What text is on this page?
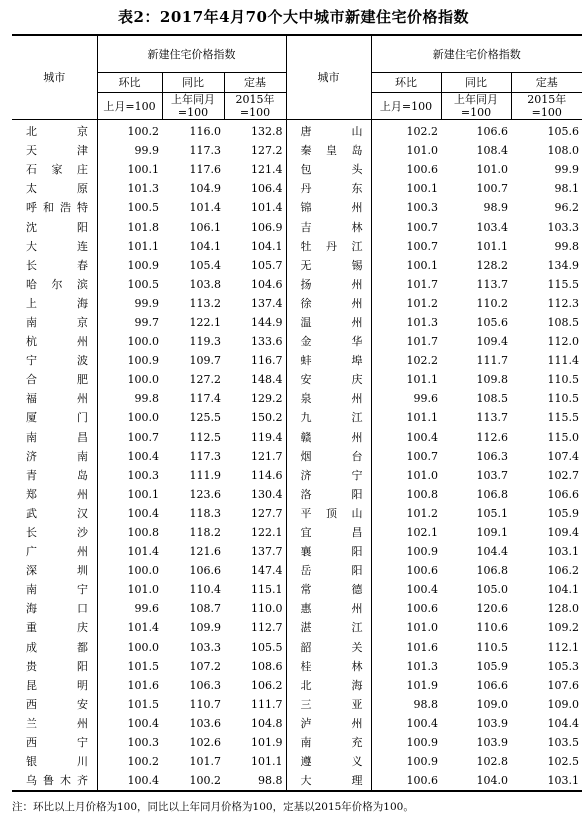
表2：2017年4月70个大中城市新建住宅价格指数
城市	新建住宅价格指数			城市	新建住宅价格指数		
	环比	同比	定基		环比	同比	定基
	上月=100	上年同月=100	2015年=100		上月=100	上年同月=100	2015年=100
北京	100.2	116.0	132.8	唐山	102.2	106.6	105.6
天津	99.9	117.3	127.2	秦皇岛	101.0	108.4	108.0
石家庄	100.1	117.6	121.4	包头	100.6	101.0	99.9
太原	101.3	104.9	106.4	丹东	100.1	100.7	98.1
呼和浩特	100.5	101.4	101.4	锦州	100.3	98.9	96.2
沈阳	101.8	106.1	106.9	吉林	100.7	103.4	103.3
大连	101.1	104.1	104.1	牡丹江	100.7	101.1	99.8
长春	100.9	105.4	105.7	无锡	100.1	128.2	134.9
哈尔滨	100.5	103.8	104.6	扬州	101.7	113.7	115.5
上海	99.9	113.2	137.4	徐州	101.2	110.2	112.3
南京	99.7	122.1	144.9	温州	101.3	105.6	108.5
杭州	100.0	119.3	133.6	金华	101.7	109.4	112.0
宁波	100.9	109.7	116.7	蚌埠	102.2	111.7	111.4
合肥	100.0	127.2	148.4	安庆	101.1	109.8	110.5
福州	99.8	117.4	129.2	泉州	99.6	108.5	110.5
厦门	100.0	125.5	150.2	九江	101.1	113.7	115.5
南昌	100.7	112.5	119.4	赣州	100.4	112.6	115.0
济南	100.4	117.3	121.7	烟台	100.7	106.3	107.4
青岛	100.3	111.9	114.6	济宁	101.0	103.7	102.7
郑州	100.1	123.6	130.4	洛阳	100.8	106.8	106.6
武汉	100.4	118.3	127.7	平顶山	101.2	105.1	105.9
长沙	100.8	118.2	122.1	宜昌	102.1	109.1	109.4
广州	101.4	121.6	137.7	襄阳	100.9	104.4	103.1
深圳	100.0	106.6	147.4	岳阳	100.6	106.8	106.2
南宁	101.0	110.4	115.1	常德	100.4	105.0	104.1
海口	99.6	108.7	110.0	惠州	100.6	120.6	128.0
重庆	101.4	109.9	112.7	湛江	101.0	110.6	109.2
成都	100.0	103.3	105.5	韶关	101.6	110.5	112.1
贵阳	101.5	107.2	108.6	桂林	101.3	105.9	105.3
昆明	101.6	106.3	106.2	北海	101.9	106.6	107.6
西安	101.5	110.7	111.7	三亚	98.8	109.0	109.0
兰州	100.4	103.6	104.8	泸州	100.4	103.9	104.4
西宁	100.3	102.6	101.9	南充	100.9	103.9	103.5
银川	100.2	101.7	101.1	遵义	100.9	102.8	102.5
乌鲁木齐	100.4	100.2	98.8	大理	100.6	104.0	103.1
注：环比以上月价格为100，同比以上年同月价格为100，定基以2015年价格为100。
